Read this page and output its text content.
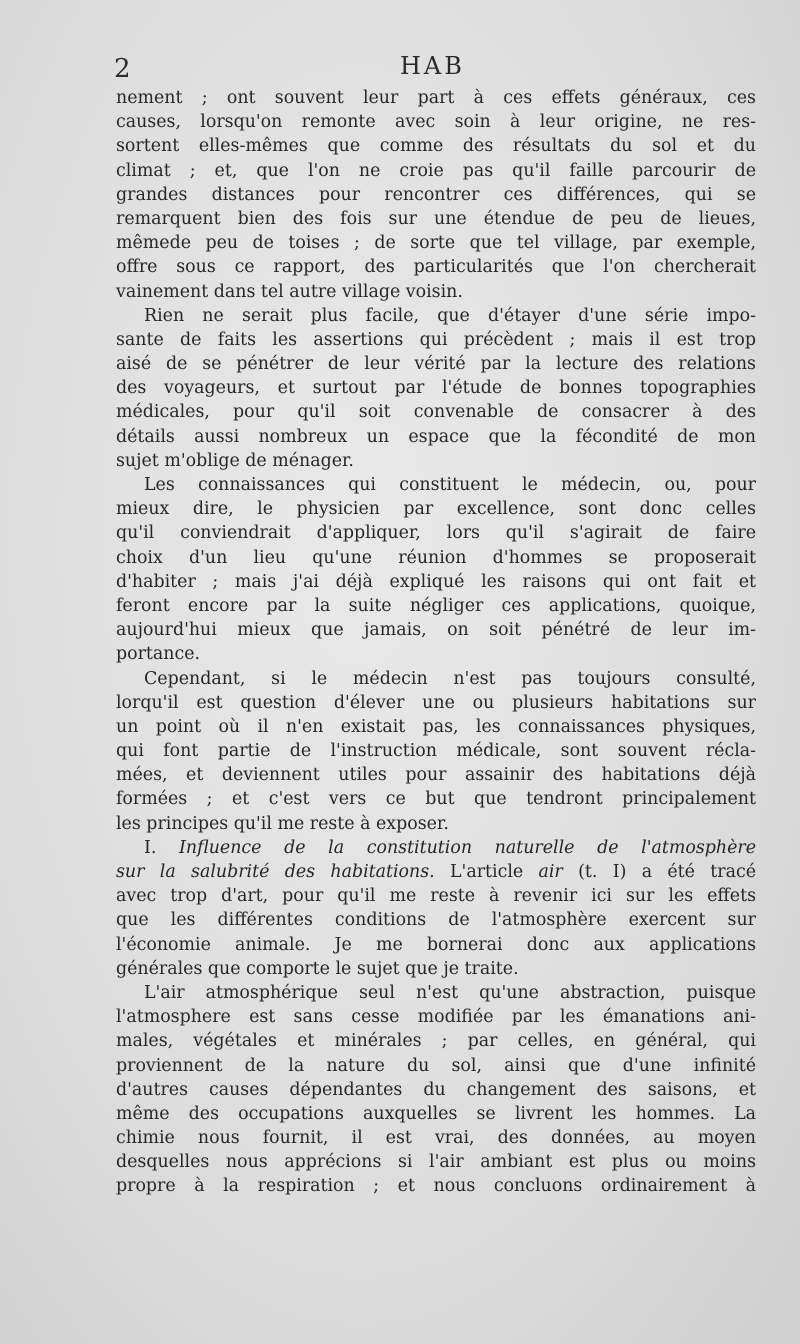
2	HAB
nement ; ont souvent leur part à ces effets généraux, ces
causes, lorsqu'on remonte avec soin à leur origine, ne res-
sortent elles-mêmes que comme des résultats du sol et du
climat ; et, que l'on ne croie pas qu'il faille parcourir de
grandes distances pour rencontrer ces différences, qui se
remarquent bien des fois sur une étendue de peu de lieues,
mêmede peu de toises ; de sorte que tel village, par exemple,
offre sous ce rapport, des particularités que l'on chercherait
vainement dans tel autre village voisin.
Rien ne serait plus facile, que d'étayer d'une série impo-
sante de faits les assertions qui précèdent ; mais il est trop
aisé de se pénétrer de leur vérité par la lecture des relations
des voyageurs, et surtout par l'étude de bonnes topographies
médicales, pour qu'il soit convenable de consacrer à des
détails aussi nombreux un espace que la fécondité de mon
sujet m'oblige de ménager.
Les connaissances qui constituent le médecin, ou, pour
mieux dire, le physicien par excellence, sont donc celles
qu'il conviendrait d'appliquer, lors qu'il s'agirait de faire
choix d'un lieu qu'une réunion d'hommes se proposerait
d'habiter ; mais j'ai déjà expliqué les raisons qui ont fait et
feront encore par la suite négliger ces applications, quoique,
aujourd'hui mieux que jamais, on soit pénétré de leur im-
portance.
Cependant, si le médecin n'est pas toujours consulté,
lorqu'il est question d'élever une ou plusieurs habitations sur
un point où il n'en existait pas, les connaissances physiques,
qui font partie de l'instruction médicale, sont souvent récla-
mées, et deviennent utiles pour assainir des habitations déjà
formées ; et c'est vers ce but que tendront principalement
les principes qu'il me reste à exposer.
I. Influence de la constitution naturelle de l'atmosphère
sur la salubrité des habitations. L'article air (t. I) a été tracé
avec trop d'art, pour qu'il me reste à revenir ici sur les effets
que les différentes conditions de l'atmosphère exercent sur
l'économie animale. Je me bornerai donc aux applications
générales que comporte le sujet que je traite.
L'air atmosphérique seul n'est qu'une abstraction, puisque
l'atmosphere est sans cesse modifiée par les émanations ani-
males, végétales et minérales ; par celles, en général, qui
proviennent de la nature du sol, ainsi que d'une infinité
d'autres causes dépendantes du changement des saisons, et
même des occupations auxquelles se livrent les hommes. La
chimie nous fournit, il est vrai, des données, au moyen
desquelles nous apprécions si l'air ambiant est plus ou moins
propre à la respiration ; et nous concluons ordinairement à
